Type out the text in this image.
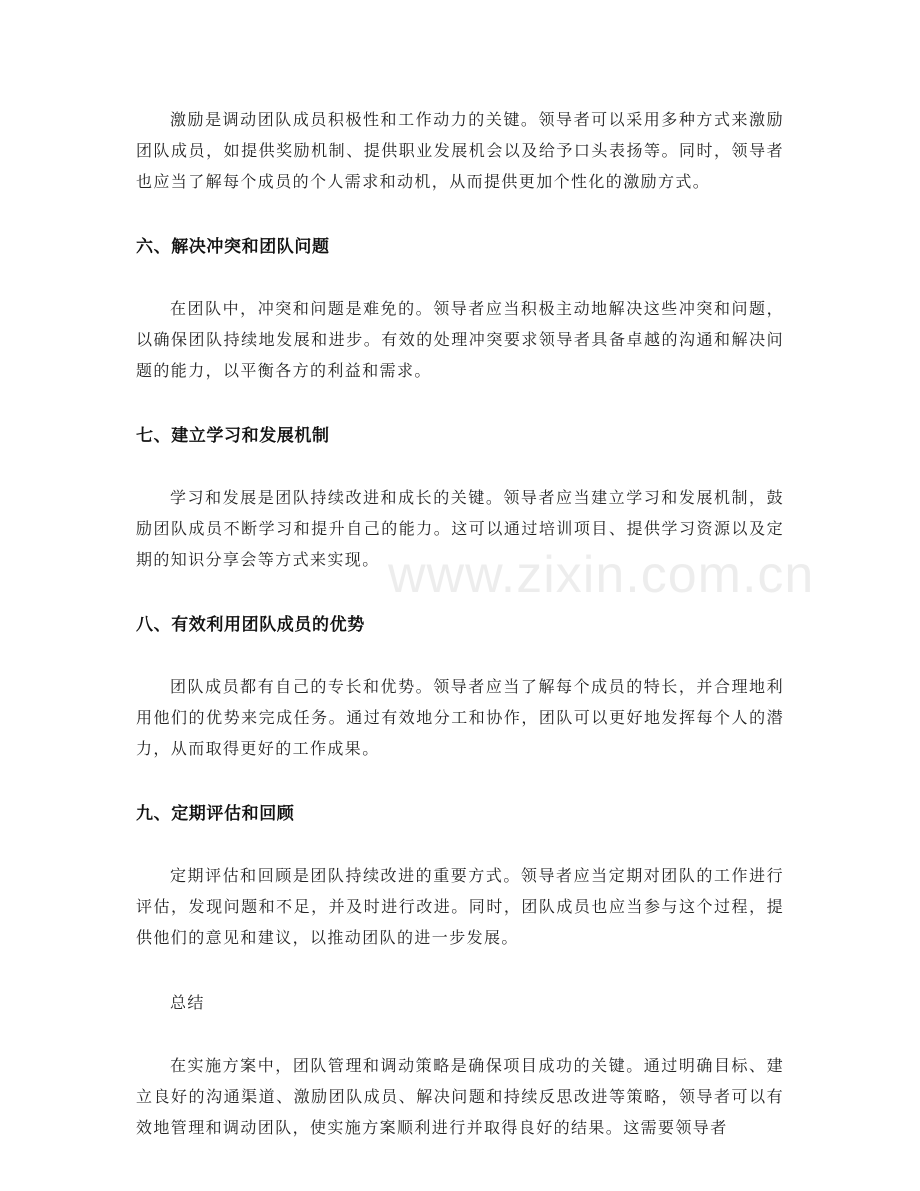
www.zixin.com.cn

激励是调动团队成员积极性和工作动力的关键。领导者可以采用多种方式来激励团队成员，如提供奖励机制、提供职业发展机会以及给予口头表扬等。同时，领导者也应当了解每个成员的个人需求和动机，从而提供更加个性化的激励方式。

六、解决冲突和团队问题

在团队中，冲突和问题是难免的。领导者应当积极主动地解决这些冲突和问题，以确保团队持续地发展和进步。有效的处理冲突要求领导者具备卓越的沟通和解决问题的能力，以平衡各方的利益和需求。

七、建立学习和发展机制

学习和发展是团队持续改进和成长的关键。领导者应当建立学习和发展机制，鼓励团队成员不断学习和提升自己的能力。这可以通过培训项目、提供学习资源以及定期的知识分享会等方式来实现。

八、有效利用团队成员的优势

团队成员都有自己的专长和优势。领导者应当了解每个成员的特长，并合理地利用他们的优势来完成任务。通过有效地分工和协作，团队可以更好地发挥每个人的潜力，从而取得更好的工作成果。

九、定期评估和回顾

定期评估和回顾是团队持续改进的重要方式。领导者应当定期对团队的工作进行评估，发现问题和不足，并及时进行改进。同时，团队成员也应当参与这个过程，提供他们的意见和建议，以推动团队的进一步发展。

总结

在实施方案中，团队管理和调动策略是确保项目成功的关键。通过明确目标、建立良好的沟通渠道、激励团队成员、解决问题和持续反思改进等策略，领导者可以有效地管理和调动团队，使实施方案顺利进行并取得良好的结果。这需要领导者
